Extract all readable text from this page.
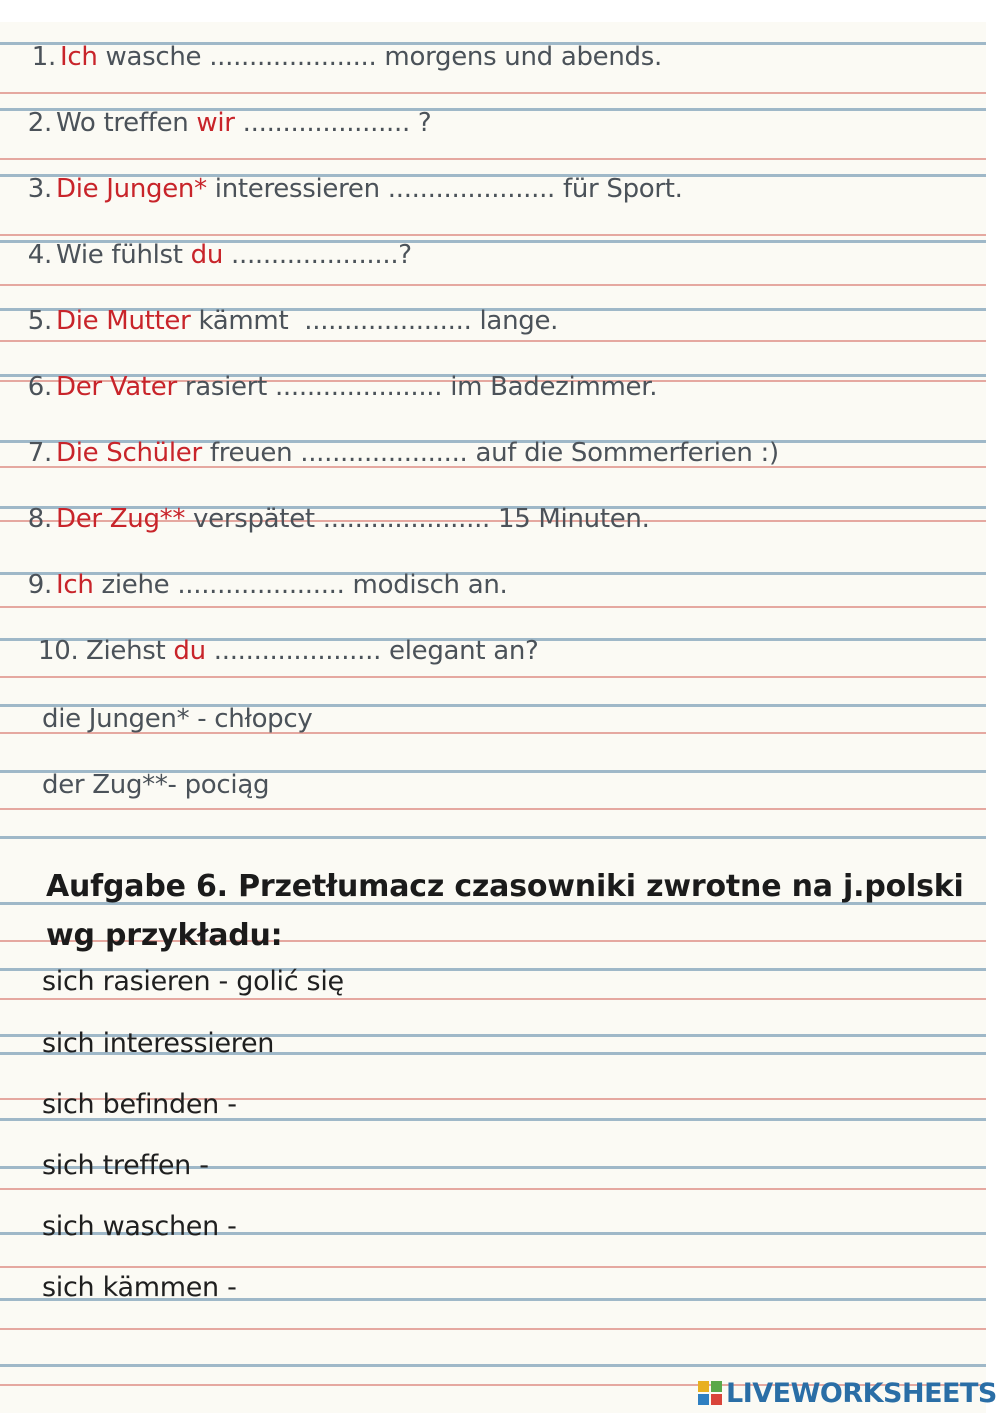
1. Ich wasche ..................... morgens und abends.

2. Wo treffen wir ..................... ?

3. Die Jungen* interessieren ..................... für Sport.

4. Wie fühlst du .....................?

5. Die Mutter kämmt  ..................... lange.

6. Der Vater rasiert ..................... im Badezimmer.

7. Die Schüler freuen ..................... auf die Sommerferien :)

8. Der Zug** verspätet ..................... 15 Minuten.

9. Ich ziehe ..................... modisch an.

10. Ziehst du ..................... elegant an?

die Jungen* - chłopcy

der Zug**- pociąg

Aufgabe 6. Przetłumacz czasowniki zwrotne na j.polski wg przykładu:

sich rasieren - golić się

sich interessieren

sich befinden -

sich treffen -

sich waschen -

sich kämmen -

LIVEWORKSHEETS
